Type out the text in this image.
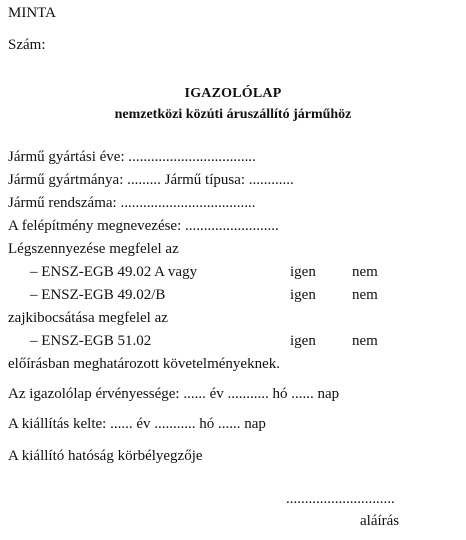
MINTA
Szám:
IGAZOLÓLAP
nemzetközi közúti áruszállító járműhöz
Jármű gyártási éve: ..................................
Jármű gyártmánya: ......... Jármű típusa: ............
Jármű rendszáma: ....................................
A felépítmény megnevezése: .........................
Légszennyezése megfelel az
– ENSZ-EGB 49.02 A vagy	igen nem
– ENSZ-EGB 49.02/B	igen nem
zajkibocsátása megfelel az
– ENSZ-EGB 51.02	igen nem
előírásban meghatározott követelményeknek.
Az igazolólap érvényessége: ...... év ........... hó ...... nap
A kiállítás kelte: ...... év ........... hó ...... nap
A kiállító hatóság körbélyegzője
.............................
aláírás
